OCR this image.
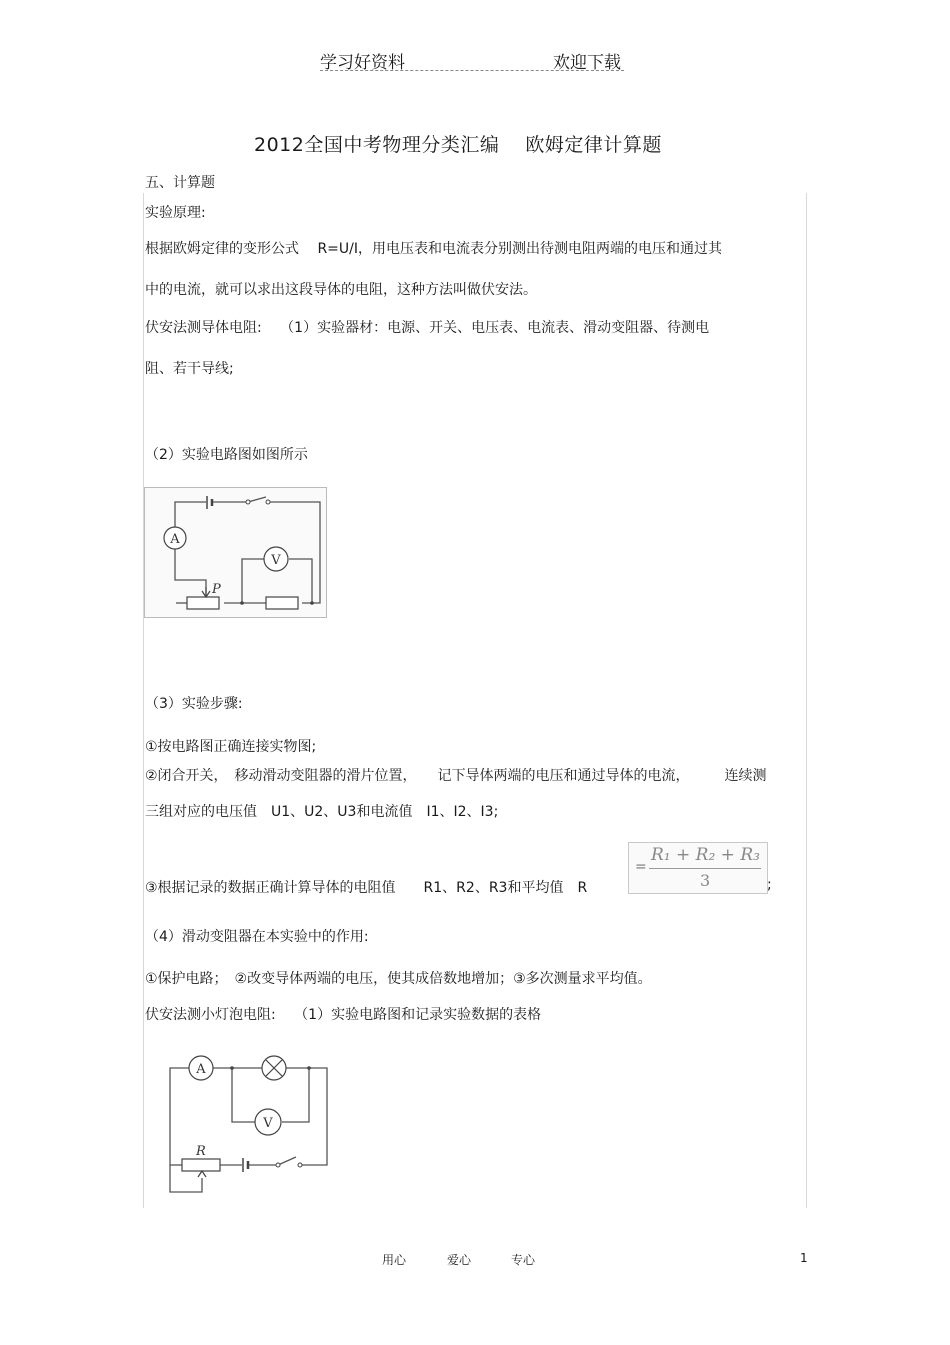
学习好资料	欢迎下载
2012全国中考物理分类汇编　 欧姆定律计算题
五、计算题
实验原理:
根据欧姆定律的变形公式　 R=U/I，用电压表和电流表分别测出待测电阻两端的电压和通过其
中的电流，就可以求出这段导体的电阻，这种方法叫做伏安法。
伏安法测导体电阻:　 （1）实验器材：电源、开关、电压表、电流表、滑动变阻器、待测电
阻、若干导线;
（2）实验电路图如图所示
A
V
P
（3）实验步骤:
①按电路图正确连接实物图;
②闭合开关，　移动滑动变阻器的滑片位置，　　记下导体两端的电压和通过导体的电流，　　　连续测
三组对应的电压值　U1、U2、U3和电流值　I1、I2、I3;
=
R₁ + R₂ + R₃
3
③根据记录的数据正确计算导体的电阻值　　R1、R2、R3和平均值　R	;
（4）滑动变阻器在本实验中的作用:
①保护电路；　②改变导体两端的电压，使其成倍数地增加；③多次测量求平均值。
伏安法测小灯泡电阻:　 （1）实验电路图和记录实验数据的表格
A
V
R
用心	爱心	专心	1
